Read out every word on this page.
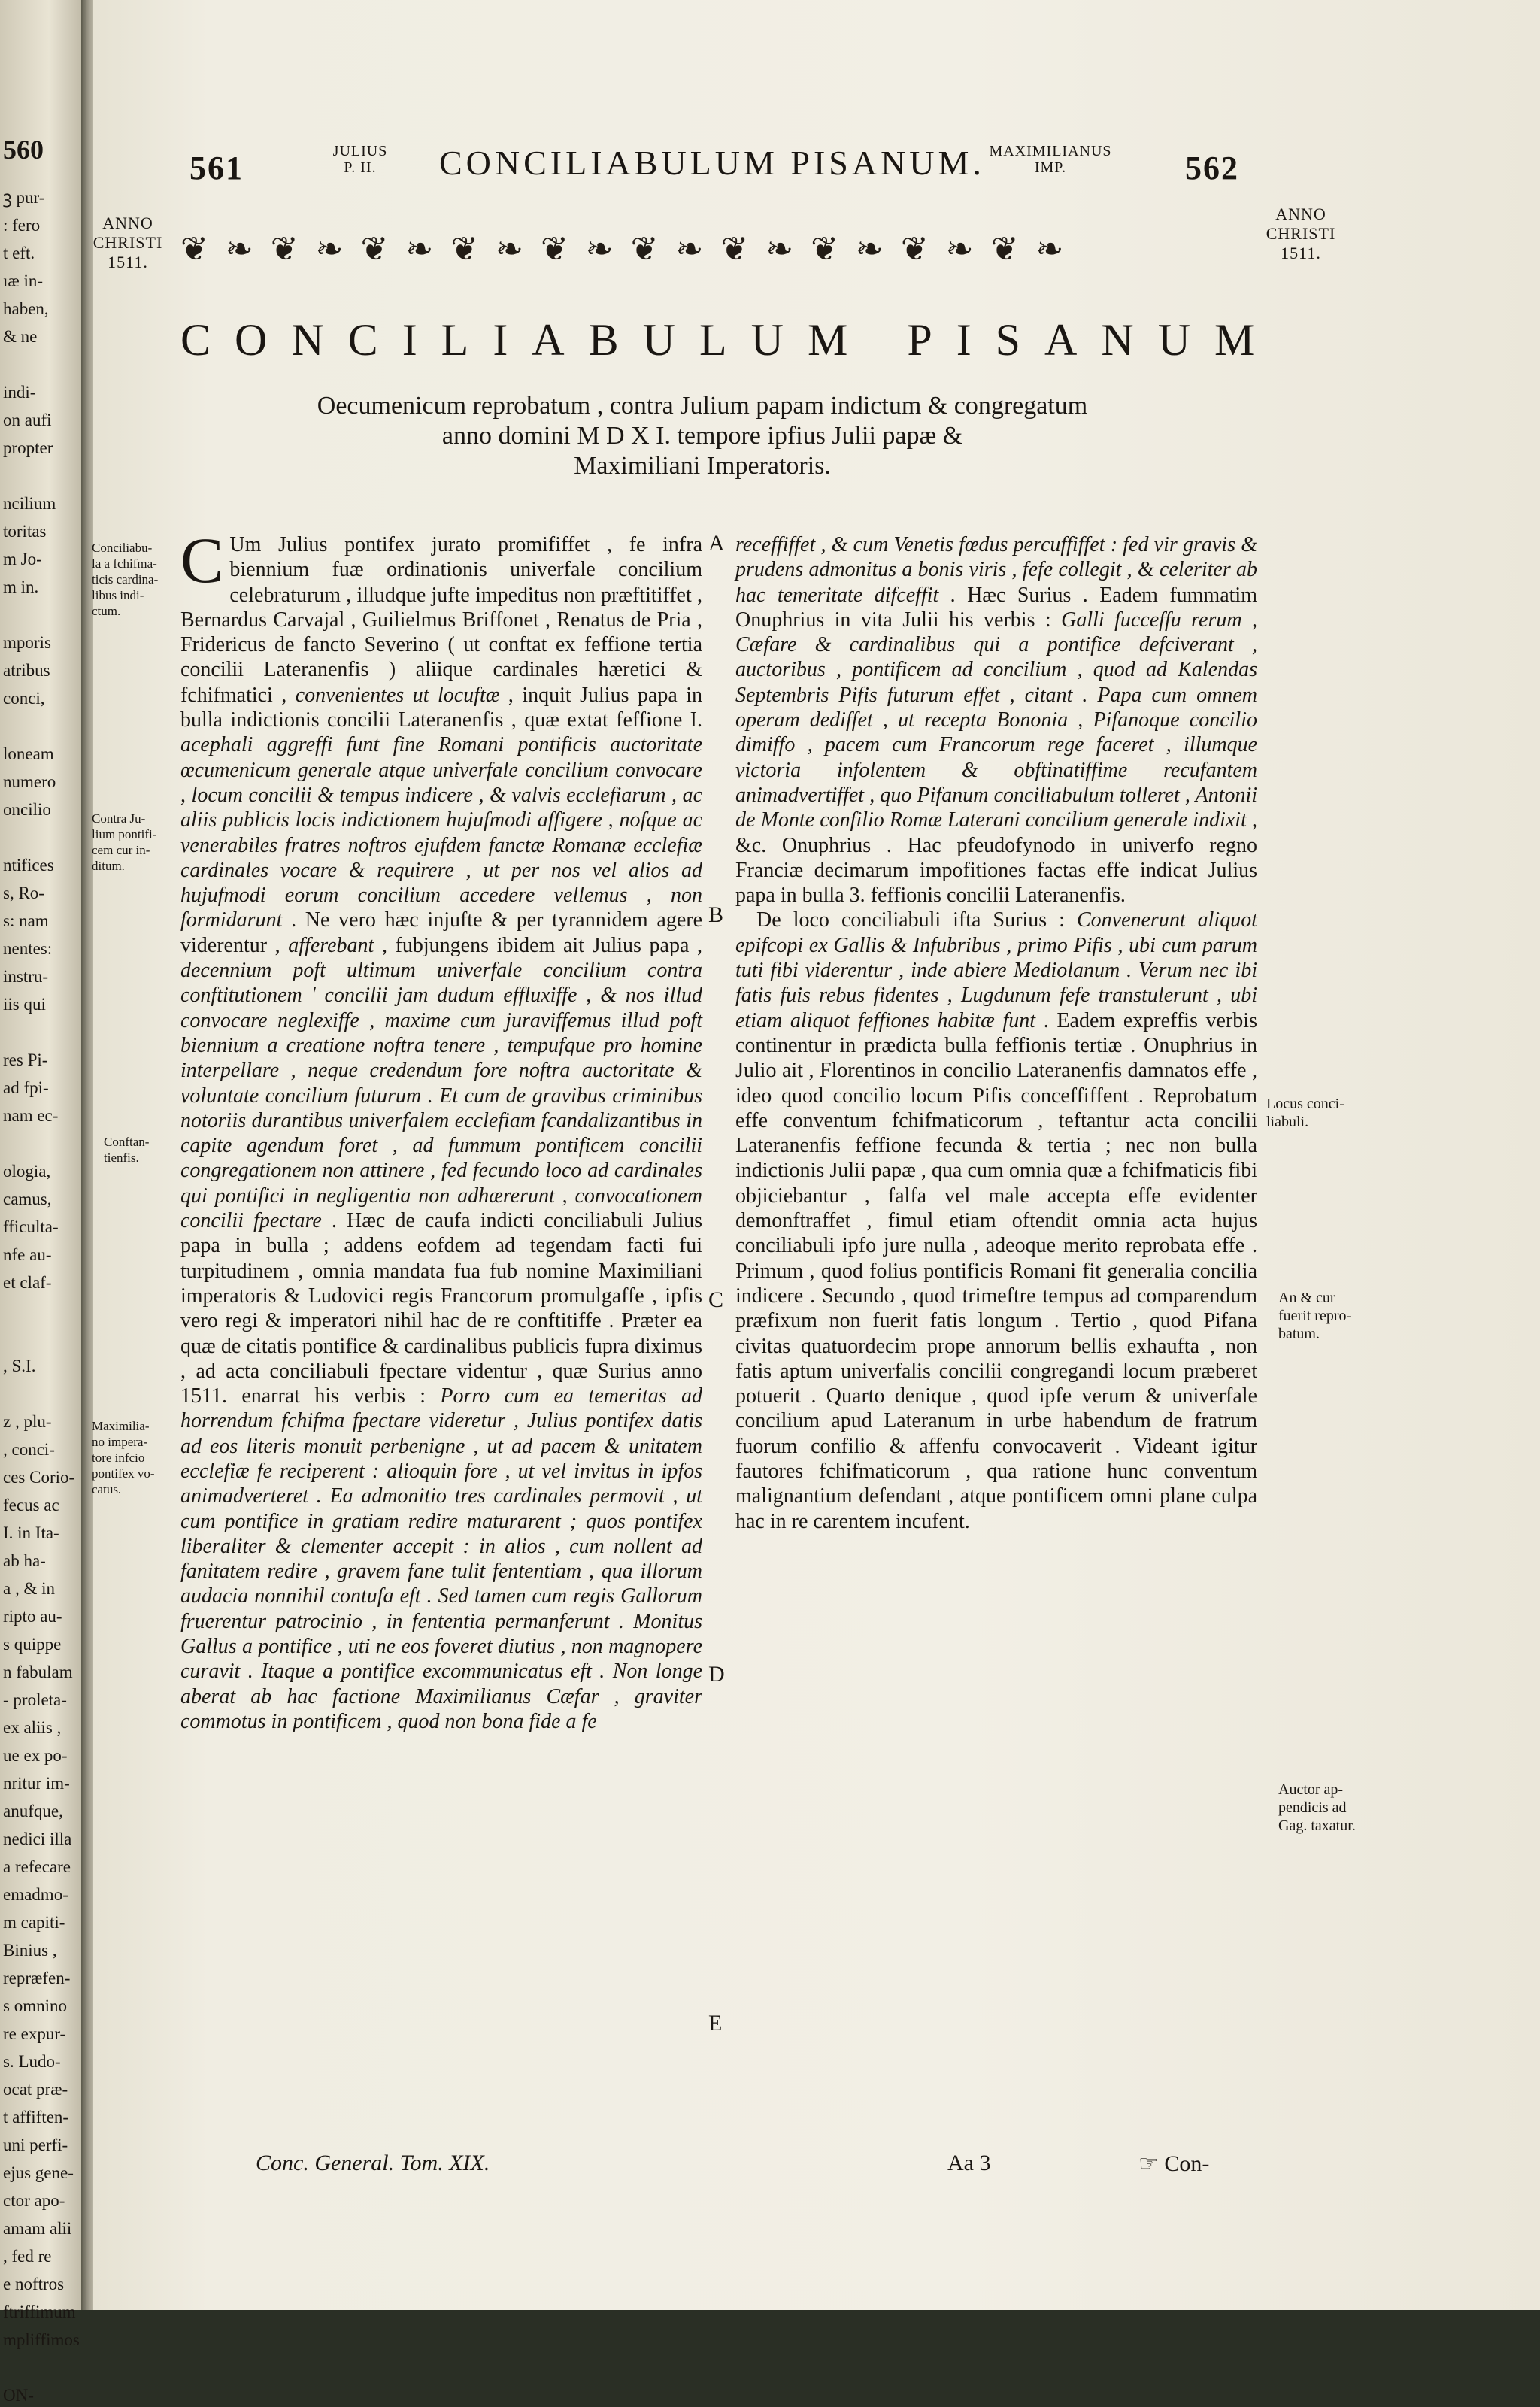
560
ꝫ pur-
: fero
t eft.
ıæ in-
haben,
& ne
indi-
on aufi
propter
ncilium
toritas
m Jo-
m in.
mporis
atribus
conci,
loneam
numero
oncilio
ntifices
s, Ro-
s: nam
nentes:
instru-
iis qui
res Pi-
ad fpi-
nam ec-
ologia,
camus,
fficulta-
nfe au-
et claf-
, S.I.
z , plu-
, conci-
ces Corio-
fecus ac
I. in Ita-
ab ha-
a , & in
ripto au-
s quippe
n fabulam
- proleta-
ex aliis ,
ue ex po-
nritur im-
anufque,
nedici illa
a refecare
emadmo-
m capiti-
Binius ,
repræfen-
s omnino
re expur-
s. Ludo-
ocat præ-
t affiften-
uni perfi-
ejus gene-
ctor apo-
amam alii
, fed re
e noftros
ftriffimum
mpliffimos
ON-
561	JULIUS
P. II.	CONCILIABULUM PISANUM. MAXIMILIANUS
IMP.	562
ANNO
CHRISTI
1511.
ANNO
CHRISTI
1511.
❦ ❧ ❦ ❧ ❦ ❧ ❦ ❧ ❦ ❧ ❦ ❧ ❦ ❧ ❦ ❧ ❦ ❧ ❦ ❧
CONCILIABULUM PISANUM
Oecumenicum reprobatum , contra Julium papam indictum & congregatum
anno domini M D X I. tempore ipfius Julii papæ &
Maximiliani Imperatoris.
Conciliabu-
la a fchifma-
ticis cardina-
libus indi-
ctum.
Contra Ju-
lium pontifi-
cem cur in-
ditum.
Conftan-
tienfis.
Maximilia-
no impera-
tore infcio
pontifex vo-
catus.
A
B
C
D
E

C Um Julius pontifex jurato promififfet , fe infra biennium fuæ ordinationis univerfale concilium celebraturum , illudque jufte impeditus non præftitiffet , Bernardus Carvajal , Guilielmus Briffonet , Renatus de Pria , Fridericus de fancto Severino ( ut conftat ex feffione tertia concilii Lateranenfis ) aliique cardinales hæretici & fchifmatici , convenientes ut locuftæ , inquit Julius papa in bulla indictionis concilii Lateranenfis , quæ extat feffione I. acephali aggreffi funt fine Romani pontificis auctoritate œcumenicum generale atque univerfale concilium convocare , locum concilii & tempus indicere , & valvis ecclefiarum , ac aliis publicis locis indictionem hujufmodi affigere , nofque ac venerabiles fratres noftros ejufdem fanctæ Romanæ ecclefiæ cardinales vocare & requirere , ut per nos vel alios ad hujufmodi eorum concilium accedere vellemus , non formidarunt . Ne vero hæc injufte & per tyrannidem agere viderentur , afferebant , fubjungens ibidem ait Julius papa , decennium poft ultimum univerfale concilium contra conftitutionem ' concilii jam dudum effluxiffe , & nos illud convocare neglexiffe , maxime cum juraviffemus illud poft biennium a creatione noftra tenere , tempufque pro homine interpellare , neque credendum fore noftra auctoritate & voluntate concilium futurum . Et cum de gravibus criminibus notoriis durantibus univerfalem ecclefiam fcandalizantibus in capite agendum foret , ad fummum pontificem concilii congregationem non attinere , fed fecundo loco ad cardinales qui pontifici in negligentia non adhærerunt , convocationem concilii fpectare . Hæc de caufa indicti conciliabuli Julius papa in bulla ; addens eofdem ad tegendam facti fui turpitudinem , omnia mandata fua fub nomine Maximiliani imperatoris & Ludovici regis Francorum promulgaffe , ipfis vero regi & imperatori nihil hac de re conftitiffe . Præter ea quæ de citatis pontifice & cardinalibus publicis fupra diximus , ad acta conciliabuli fpectare videntur , quæ Surius anno 1511. enarrat his verbis : Porro cum ea temeritas ad horrendum fchifma fpectare videretur , Julius pontifex datis ad eos literis monuit perbenigne , ut ad pacem & unitatem ecclefiæ fe reciperent : alioquin fore , ut vel invitus in ipfos animadverteret . Ea admonitio tres cardinales permovit , ut cum pontifice in gratiam redire maturarent ; quos pontifex liberaliter & clementer accepit : in alios , cum nollent ad fanitatem redire , gravem fane tulit fententiam , qua illorum audacia nonnihil contufa eft . Sed tamen cum regis Gallorum fruerentur patrocinio , in fententia permanferunt . Monitus Gallus a pontifice , uti ne eos foveret diutius , non magnopere curavit . Itaque a pontifice excommunicatus eft . Non longe aberat ab hac factione Maximilianus Cæfar , graviter commotus in pontificem , quod non bona fide a fe

receffiffet , & cum Venetis fœdus percuffiffet : fed vir gravis & prudens admonitus a bonis viris , fefe collegit , & celeriter ab hac temeritate difceffit . Hæc Surius . Eadem fummatim Onuphrius in vita Julii his verbis : Galli fucceffu rerum , Cæfare & cardinalibus qui a pontifice defciverant , auctoribus , pontificem ad concilium , quod ad Kalendas Septembris Pifis futurum effet , citant . Papa cum omnem operam dediffet , ut recepta Bononia , Pifanoque concilio dimiffo , pacem cum Francorum rege faceret , illumque victoria infolentem & obftinatiffime recufantem animadvertiffet , quo Pifanum conciliabulum tolleret , Antonii de Monte confilio Romæ Laterani concilium generale indixit , &c. Onuphrius . Hac pfeudofynodo in univerfo regno Franciæ decimarum impofitiones factas effe indicat Julius papa in bulla 3. feffionis concilii Lateranenfis.

De loco conciliabuli ifta Surius : Convenerunt aliquot epifcopi ex Gallis & Infubribus , primo Pifis , ubi cum parum tuti fibi viderentur , inde abiere Mediolanum . Verum nec ibi fatis fuis rebus fidentes , Lugdunum fefe transtulerunt , ubi etiam aliquot feffiones habitæ funt . Eadem expreffis verbis continentur in prædicta bulla feffionis tertiæ . Onuphrius in Julio ait , Florentinos in concilio Lateranenfis damnatos effe , ideo quod concilio locum Pifis conceffiffent . Reprobatum effe conventum fchifmaticorum , teftantur acta concilii Lateranenfis feffione fecunda & tertia ; nec non bulla indictionis Julii papæ , qua cum omnia quæ a fchifmaticis fibi objiciebantur , falfa vel male accepta effe evidenter demonftraffet , fimul etiam oftendit omnia acta hujus conciliabuli ipfo jure nulla , adeoque merito reprobata effe . Primum , quod folius pontificis Romani fit generalia concilia indicere . Secundo , quod trimeftre tempus ad comparendum præfixum non fuerit fatis longum . Tertio , quod Pifana civitas quatuordecim prope annorum bellis exhaufta , non fatis aptum univerfalis concilii congregandi locum præberet potuerit . Quarto denique , quod ipfe verum & univerfale concilium apud Lateranum in urbe habendum de fratrum fuorum confilio & affenfu convocaverit . Videant igitur fautores fchifmaticorum , qua ratione hunc conventum malignantium defendant , atque pontificem omni plane culpa hac in re carentem incufent.

Locus conci-
liabuli.
An & cur
fuerit repro-
batum.
Auctor ap-
pendicis ad
Gag. taxatur.
Conc. General. Tom. XIX.	Aa 3	☞ Con-
